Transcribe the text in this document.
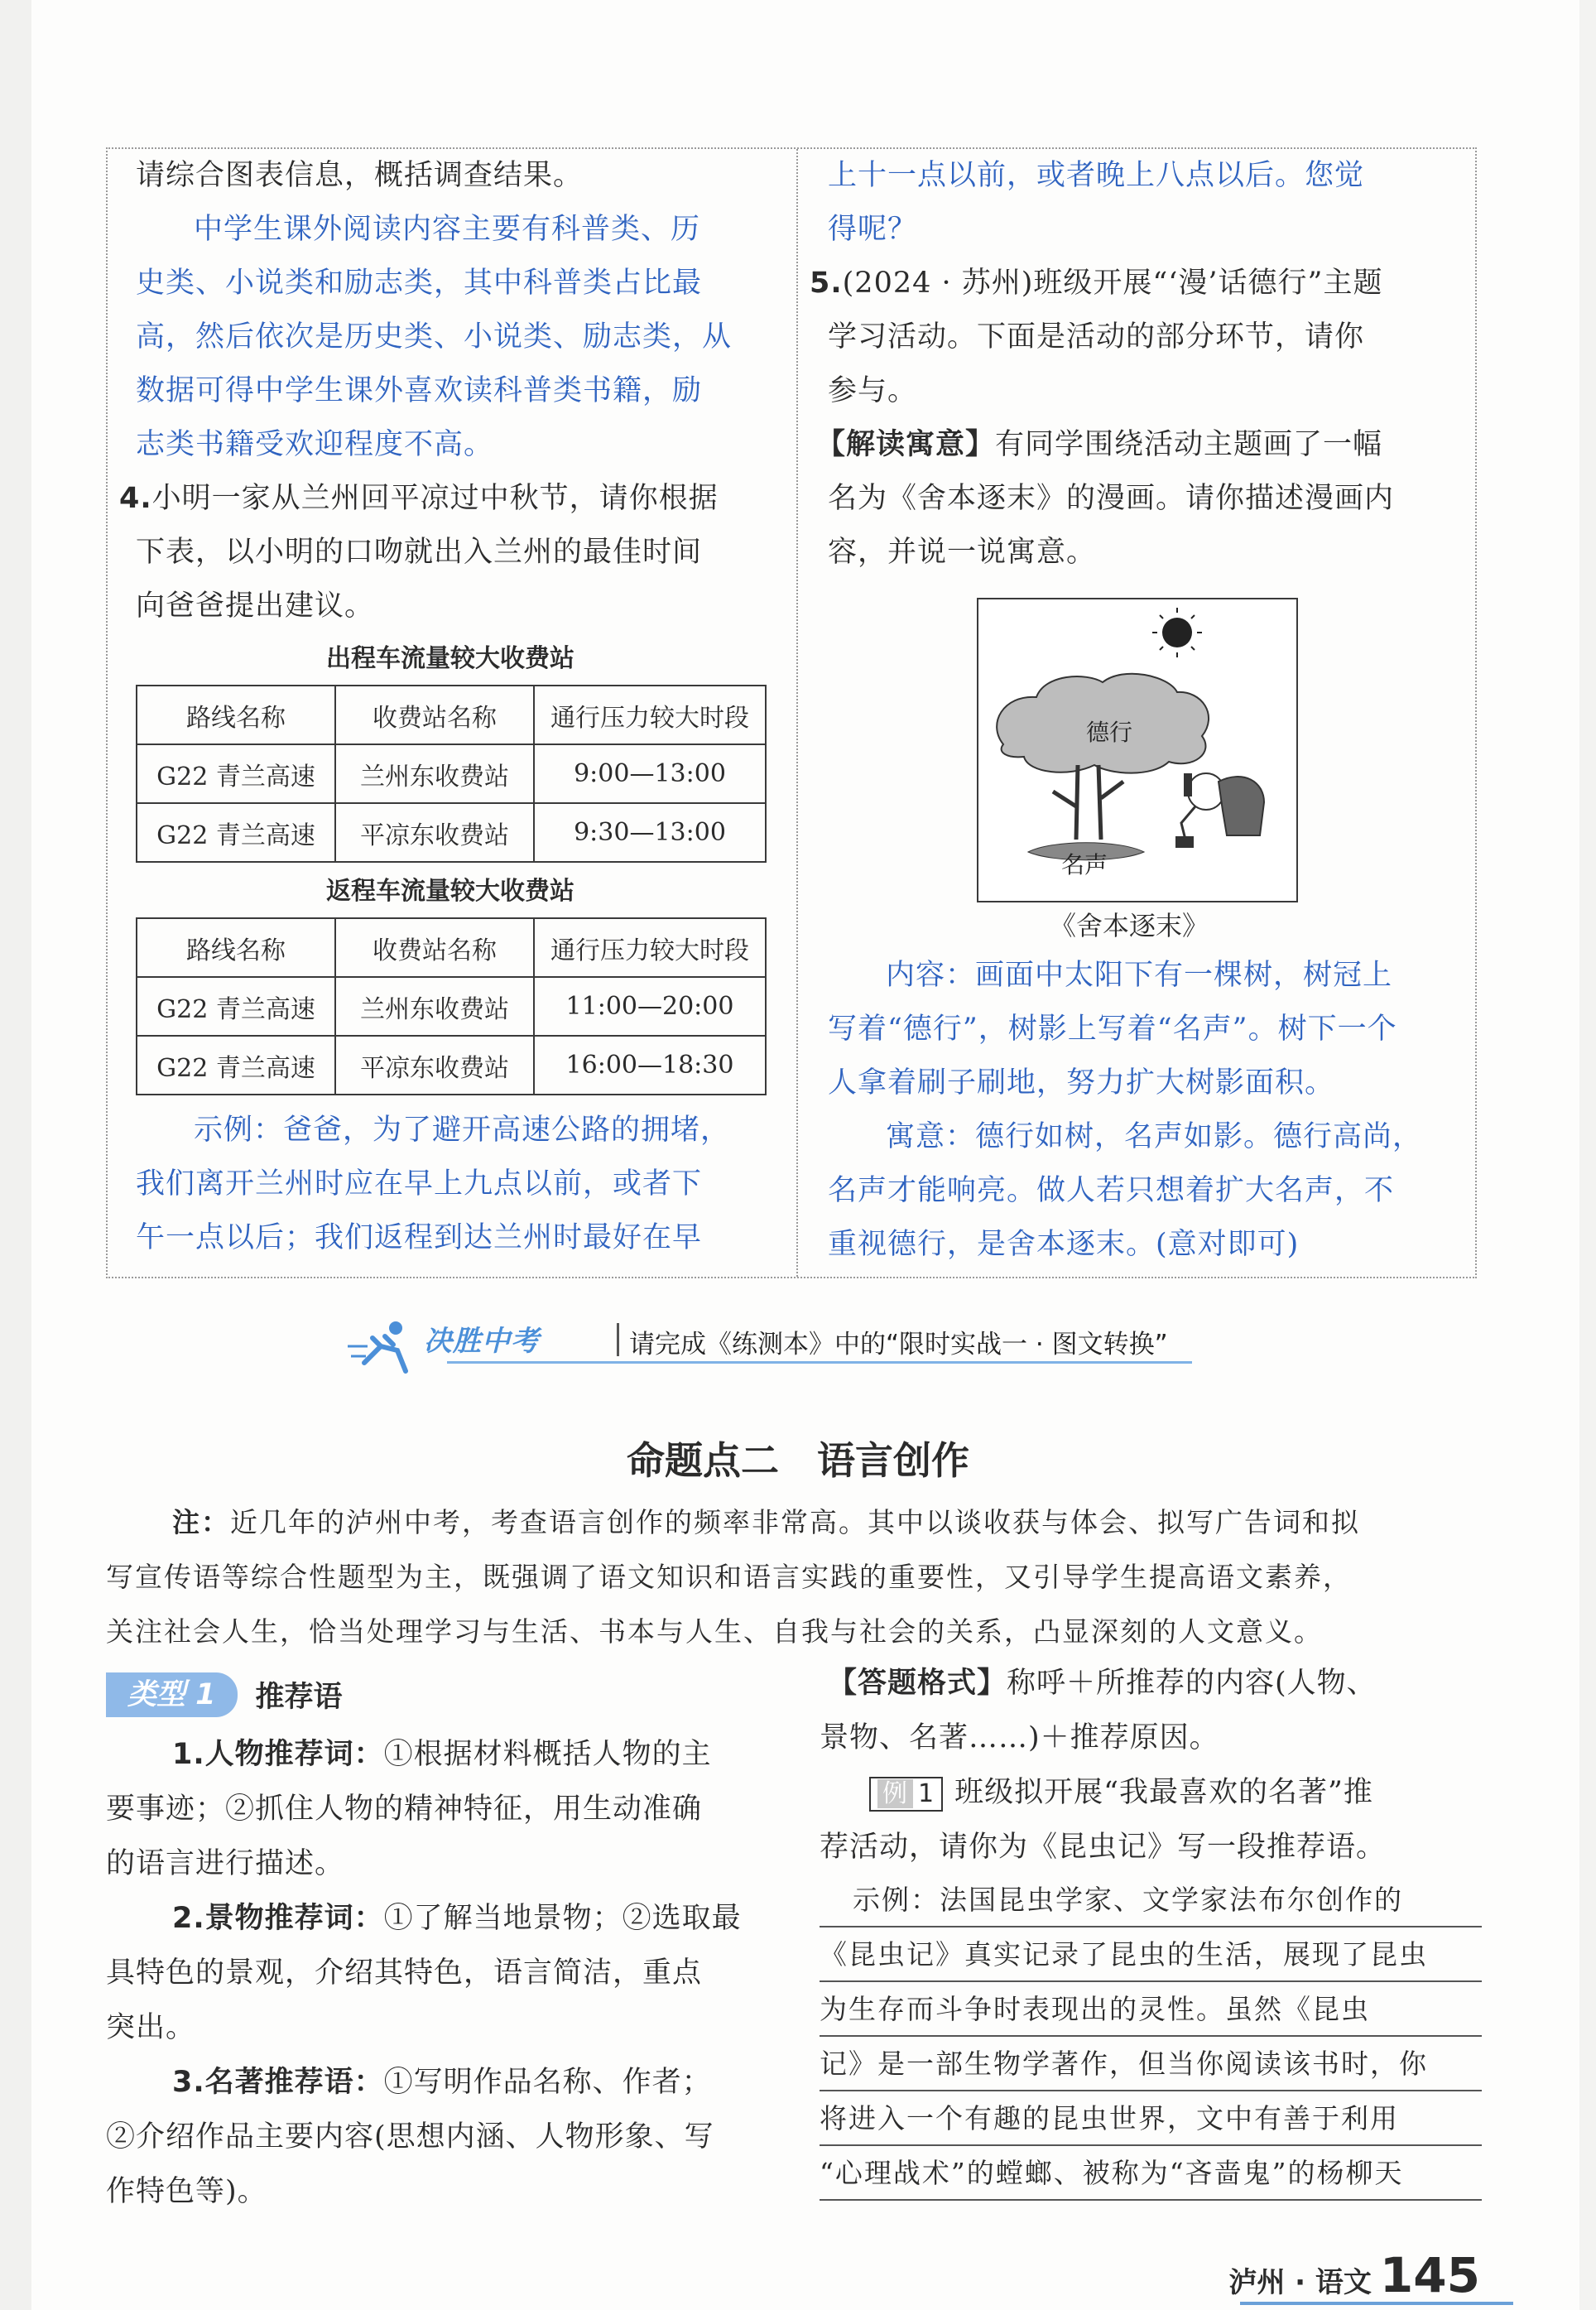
请综合图表信息，概括调查结果。
中学生课外阅读内容主要有科普类、历
史类、小说类和励志类，其中科普类占比最
高，然后依次是历史类、小说类、励志类，从
数据可得中学生课外喜欢读科普类书籍，励
志类书籍受欢迎程度不高。
4.小明一家从兰州回平凉过中秋节，请你根据
下表，以小明的口吻就出入兰州的最佳时间
向爸爸提出建议。
出程车流量较大收费站
路线名称	收费站名称	通行压力较大时段
G22 青兰高速	兰州东收费站	9:00—13:00
G22 青兰高速	平凉东收费站	9:30—13:00
返程车流量较大收费站
路线名称	收费站名称	通行压力较大时段
G22 青兰高速	兰州东收费站	11:00—20:00
G22 青兰高速	平凉东收费站	16:00—18:30
示例：爸爸，为了避开高速公路的拥堵，
我们离开兰州时应在早上九点以前，或者下
午一点以后；我们返程到达兰州时最好在早
上十一点以前，或者晚上八点以后。您觉
得呢？
5.(2024 · 苏州)班级开展“‘漫’话德行”主题
学习活动。下面是活动的部分环节，请你
参与。
【解读寓意】有同学围绕活动主题画了一幅
名为《舍本逐末》的漫画。请你描述漫画内
容，并说一说寓意。
德行
名声
《舍本逐末》
内容：画面中太阳下有一棵树，树冠上
写着“德行”，树影上写着“名声”。树下一个
人拿着刷子刷地，努力扩大树影面积。
寓意：德行如树，名声如影。德行高尚，
名声才能响亮。做人若只想着扩大名声，不
重视德行，是舍本逐末。(意对即可)
决胜中考	请完成《练测本》中的“限时实战一 · 图文转换”
命题点二　语言创作
注：近几年的泸州中考，考查语言创作的频率非常高。其中以谈收获与体会、拟写广告词和拟
写宣传语等综合性题型为主，既强调了语文知识和语言实践的重要性，又引导学生提高语文素养，
关注社会人生，恰当处理学习与生活、书本与人生、自我与社会的关系，凸显深刻的人文意义。
类型 1 推荐语
1.人物推荐词：①根据材料概括人物的主
要事迹；②抓住人物的精神特征，用生动准确
的语言进行描述。
2.景物推荐词：①了解当地景物；②选取最
具特色的景观，介绍其特色，语言简洁，重点
突出。
3.名著推荐语：①写明作品名称、作者；
②介绍作品主要内容(思想内涵、人物形象、写
作特色等)。
【答题格式】称呼＋所推荐的内容(人物、
景物、名著……)＋推荐原因。
例 1 班级拟开展“我最喜欢的名著”推
荐活动，请你为《昆虫记》写一段推荐语。
示例：法国昆虫学家、文学家法布尔创作的
《昆虫记》真实记录了昆虫的生活，展现了昆虫
为生存而斗争时表现出的灵性。虽然《昆虫
记》是一部生物学著作，但当你阅读该书时，你
将进入一个有趣的昆虫世界，文中有善于利用
“心理战术”的螳螂、被称为“吝啬鬼”的杨柳天
泸州 · 语文 145
